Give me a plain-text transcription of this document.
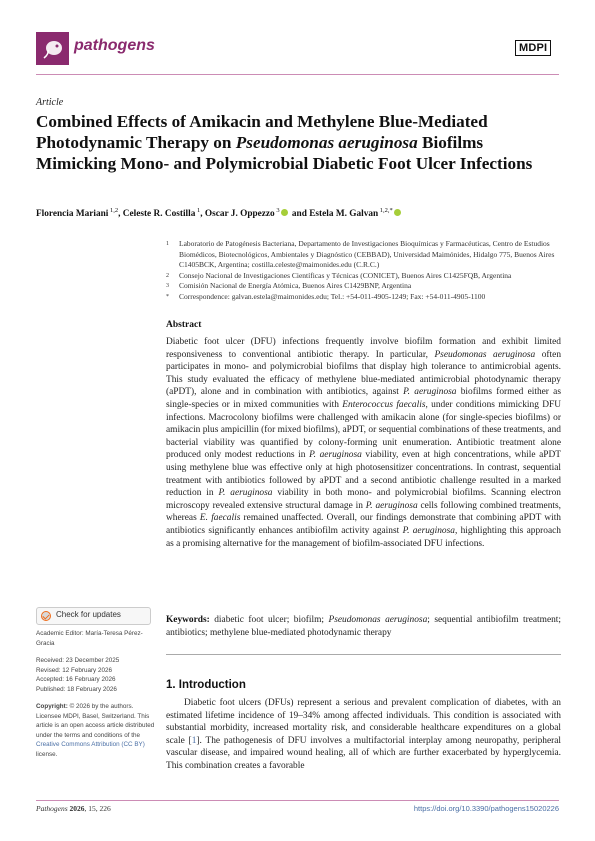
pathogens	MDPI
Article
Combined Effects of Amikacin and Methylene Blue-Mediated Photodynamic Therapy on Pseudomonas aeruginosa Biofilms Mimicking Mono- and Polymicrobial Diabetic Foot Ulcer Infections
Florencia Mariani $^{1,2}$, Celeste R. Costilla $^1$, Oscar J. Oppezzo $^3$ and Estela M. Galvan $^{1,2,*}$
1	Laboratorio de Patogénesis Bacteriana, Departamento de Investigaciones Bioquímicas y Farmacéuticas, Centro de Estudios Biomédicos, Biotecnológicos, Ambientales y Diagnóstico (CEBBAD), Universidad Maimónides, Hidalgo 775, Buenos Aires C1405BCK, Argentina; costilla.celeste@maimonides.edu (C.R.C.)
2	Consejo Nacional de Investigaciones Científicas y Técnicas (CONICET), Buenos Aires C1425FQB, Argentina
3	Comisión Nacional de Energía Atómica, Buenos Aires C1429BNP, Argentina
*	Correspondence: galvan.estela@maimonides.edu; Tel.: +54-011-4905-1249; Fax: +54-011-4905-1100
Abstract
Diabetic foot ulcer (DFU) infections frequently involve biofilm formation and exhibit limited responsiveness to conventional antibiotic therapy. In particular, Pseudomonas aeruginosa often participates in mono- and polymicrobial biofilms that display high tolerance to antimicrobial agents. This study evaluated the efficacy of methylene blue-mediated antimicrobial photodynamic therapy (aPDT), alone and in combination with antibiotics, against P. aeruginosa biofilms formed either as single-species or in mixed communities with Enterococcus faecalis, under conditions mimicking DFU infections. Macrocolony biofilms were challenged with amikacin alone (for single-species biofilms) or amikacin plus ampicillin (for mixed biofilms), aPDT, or sequential combinations of these treatments, and bacterial viability was quantified by colony-forming unit enumeration. Antibiotic treatment alone produced only modest reductions in P. aeruginosa viability, even at high concentrations, while aPDT using methylene blue was effective only at high photosensitizer concentrations. In contrast, sequential treatment with antibiotics followed by aPDT and a second antibiotic challenge resulted in a marked reduction in P. aeruginosa viability in both mono- and polymicrobial biofilms. Scanning electron microscopy revealed extensive structural damage in P. aeruginosa cells following combined treatments, whereas E. faecalis remained unaffected. Overall, our findings demonstrate that combining aPDT with antibiotics significantly enhances antibiofilm activity against P. aeruginosa, highlighting this approach as a promising alternative for the management of biofilm-associated DFU infections.
Keywords: diabetic foot ulcer; biofilm; Pseudomonas aeruginosa; sequential antibiofilm treatment; antibiotics; methylene blue-mediated photodynamic therapy
Check for updates
Academic Editor: María-Teresa Pérez-Gracia
Received: 23 December 2025
Revised: 12 February 2026
Accepted: 16 February 2026
Published: 18 February 2026
Copyright: © 2026 by the authors. Licensee MDPI, Basel, Switzerland. This article is an open access article distributed under the terms and conditions of the Creative Commons Attribution (CC BY) license.
1. Introduction
Diabetic foot ulcers (DFUs) represent a serious and prevalent complication of diabetes, with an estimated lifetime incidence of 19–34% among affected individuals. This condition is associated with substantial morbidity, increased mortality risk, and considerable healthcare expenditures on a global scale [1]. The pathogenesis of DFU involves a multifactorial interplay among neuropathy, peripheral vascular disease, and impaired wound healing, all of which are further exacerbated by hyperglycemia. This combination creates a favorable
Pathogens 2026, 15, 226	https://doi.org/10.3390/pathogens15020226
